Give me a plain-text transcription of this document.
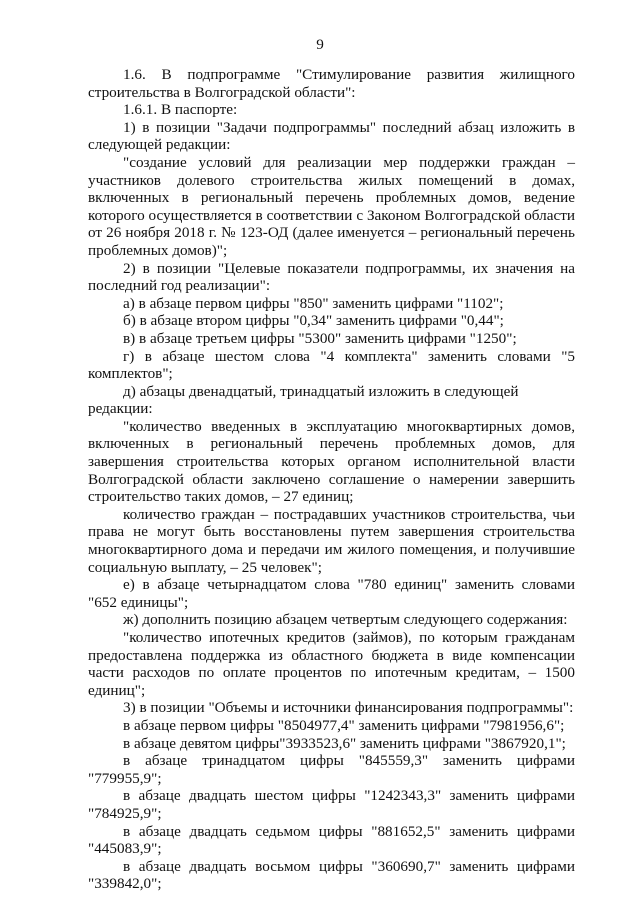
9

1.6. В подпрограмме "Стимулирование развития жилищного строительства в Волгоградской области":

1.6.1. В паспорте:

1) в позиции "Задачи подпрограммы" последний абзац изложить в следующей редакции:

"создание условий для реализации мер поддержки граждан – участников долевого строительства жилых помещений в домах, включенных в региональный перечень проблемных домов, ведение которого осуществляется в соответствии с Законом Волгоградской области от 26 ноября 2018 г. № 123-ОД (далее именуется – региональный перечень проблемных домов)";

2) в позиции "Целевые показатели подпрограммы, их значения на последний год реализации":

а) в абзаце первом цифры "850" заменить цифрами "1102";

б) в абзаце втором цифры "0,34" заменить цифрами "0,44";

в) в абзаце третьем цифры "5300" заменить цифрами "1250";

г) в абзаце шестом слова "4 комплекта" заменить словами "5 комплектов";

д) абзацы двенадцатый, тринадцатый изложить в следующей редакции:

"количество введенных в эксплуатацию многоквартирных домов, включенных в региональный перечень проблемных домов, для завершения строительства которых органом исполнительной власти Волгоградской области заключено соглашение о намерении завершить строительство таких домов, – 27 единиц;

количество граждан – пострадавших участников строительства, чьи права не могут быть восстановлены путем завершения строительства многоквартирного дома и передачи им жилого помещения, и получившие социальную выплату, – 25 человек";

е) в абзаце четырнадцатом слова "780 единиц" заменить словами "652 единицы";

ж) дополнить позицию абзацем четвертым следующего содержания:

"количество ипотечных кредитов (займов), по которым гражданам предоставлена поддержка из областного бюджета в виде компенсации части расходов по оплате процентов по ипотечным кредитам, – 1500 единиц";

3) в позиции "Объемы и источники финансирования подпрограммы":

в абзаце первом цифры "8504977,4" заменить цифрами "7981956,6";

в абзаце девятом цифры"3933523,6" заменить цифрами "3867920,1";

в абзаце тринадцатом цифры "845559,3" заменить цифрами "779955,9";

в абзаце двадцать шестом цифры "1242343,3" заменить цифрами "784925,9";

в абзаце двадцать седьмом цифры "881652,5" заменить цифрами "445083,9";

в абзаце двадцать восьмом цифры "360690,7" заменить цифрами "339842,0";
